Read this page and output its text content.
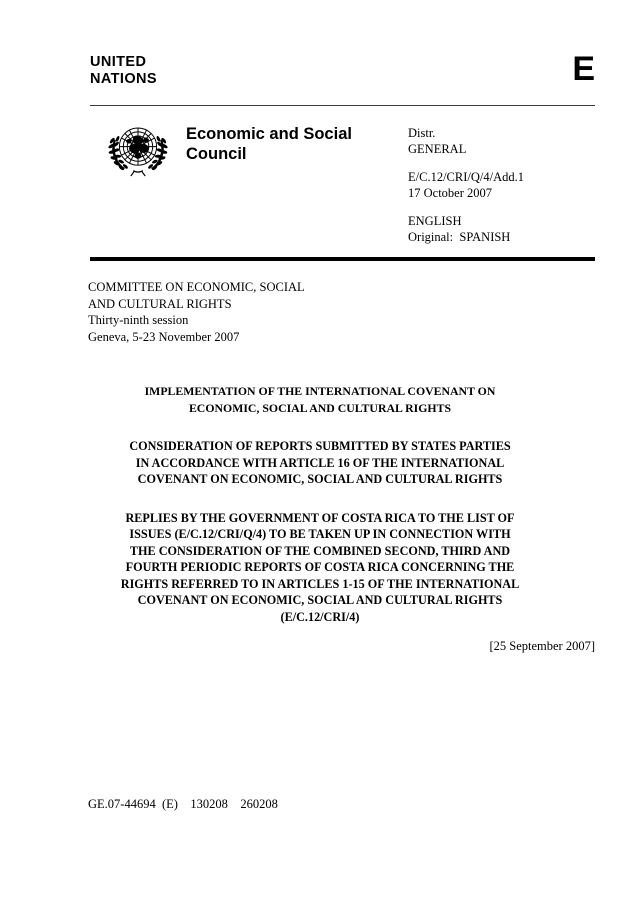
UNITED
NATIONS	E
Economic and Social
Council
Distr.
GENERAL
E/C.12/CRI/Q/4/Add.1
17 October 2007
ENGLISH
Original:  SPANISH
COMMITTEE ON ECONOMIC, SOCIAL
AND CULTURAL RIGHTS
Thirty-ninth session
Geneva, 5-23 November 2007
IMPLEMENTATION OF THE INTERNATIONAL COVENANT ON
ECONOMIC, SOCIAL AND CULTURAL RIGHTS
CONSIDERATION OF REPORTS SUBMITTED BY STATES PARTIES
IN ACCORDANCE WITH ARTICLE 16 OF THE INTERNATIONAL
COVENANT ON ECONOMIC, SOCIAL AND CULTURAL RIGHTS
REPLIES BY THE GOVERNMENT OF COSTA RICA TO THE LIST OF
ISSUES (E/C.12/CRI/Q/4) TO BE TAKEN UP IN CONNECTION WITH
THE CONSIDERATION OF THE COMBINED SECOND, THIRD AND
FOURTH PERIODIC REPORTS OF COSTA RICA CONCERNING THE
RIGHTS REFERRED TO IN ARTICLES 1-15 OF THE INTERNATIONAL
COVENANT ON ECONOMIC, SOCIAL AND CULTURAL RIGHTS
(E/C.12/CRI/4)
[25 September 2007]
GE.07-44694  (E)    130208    260208
